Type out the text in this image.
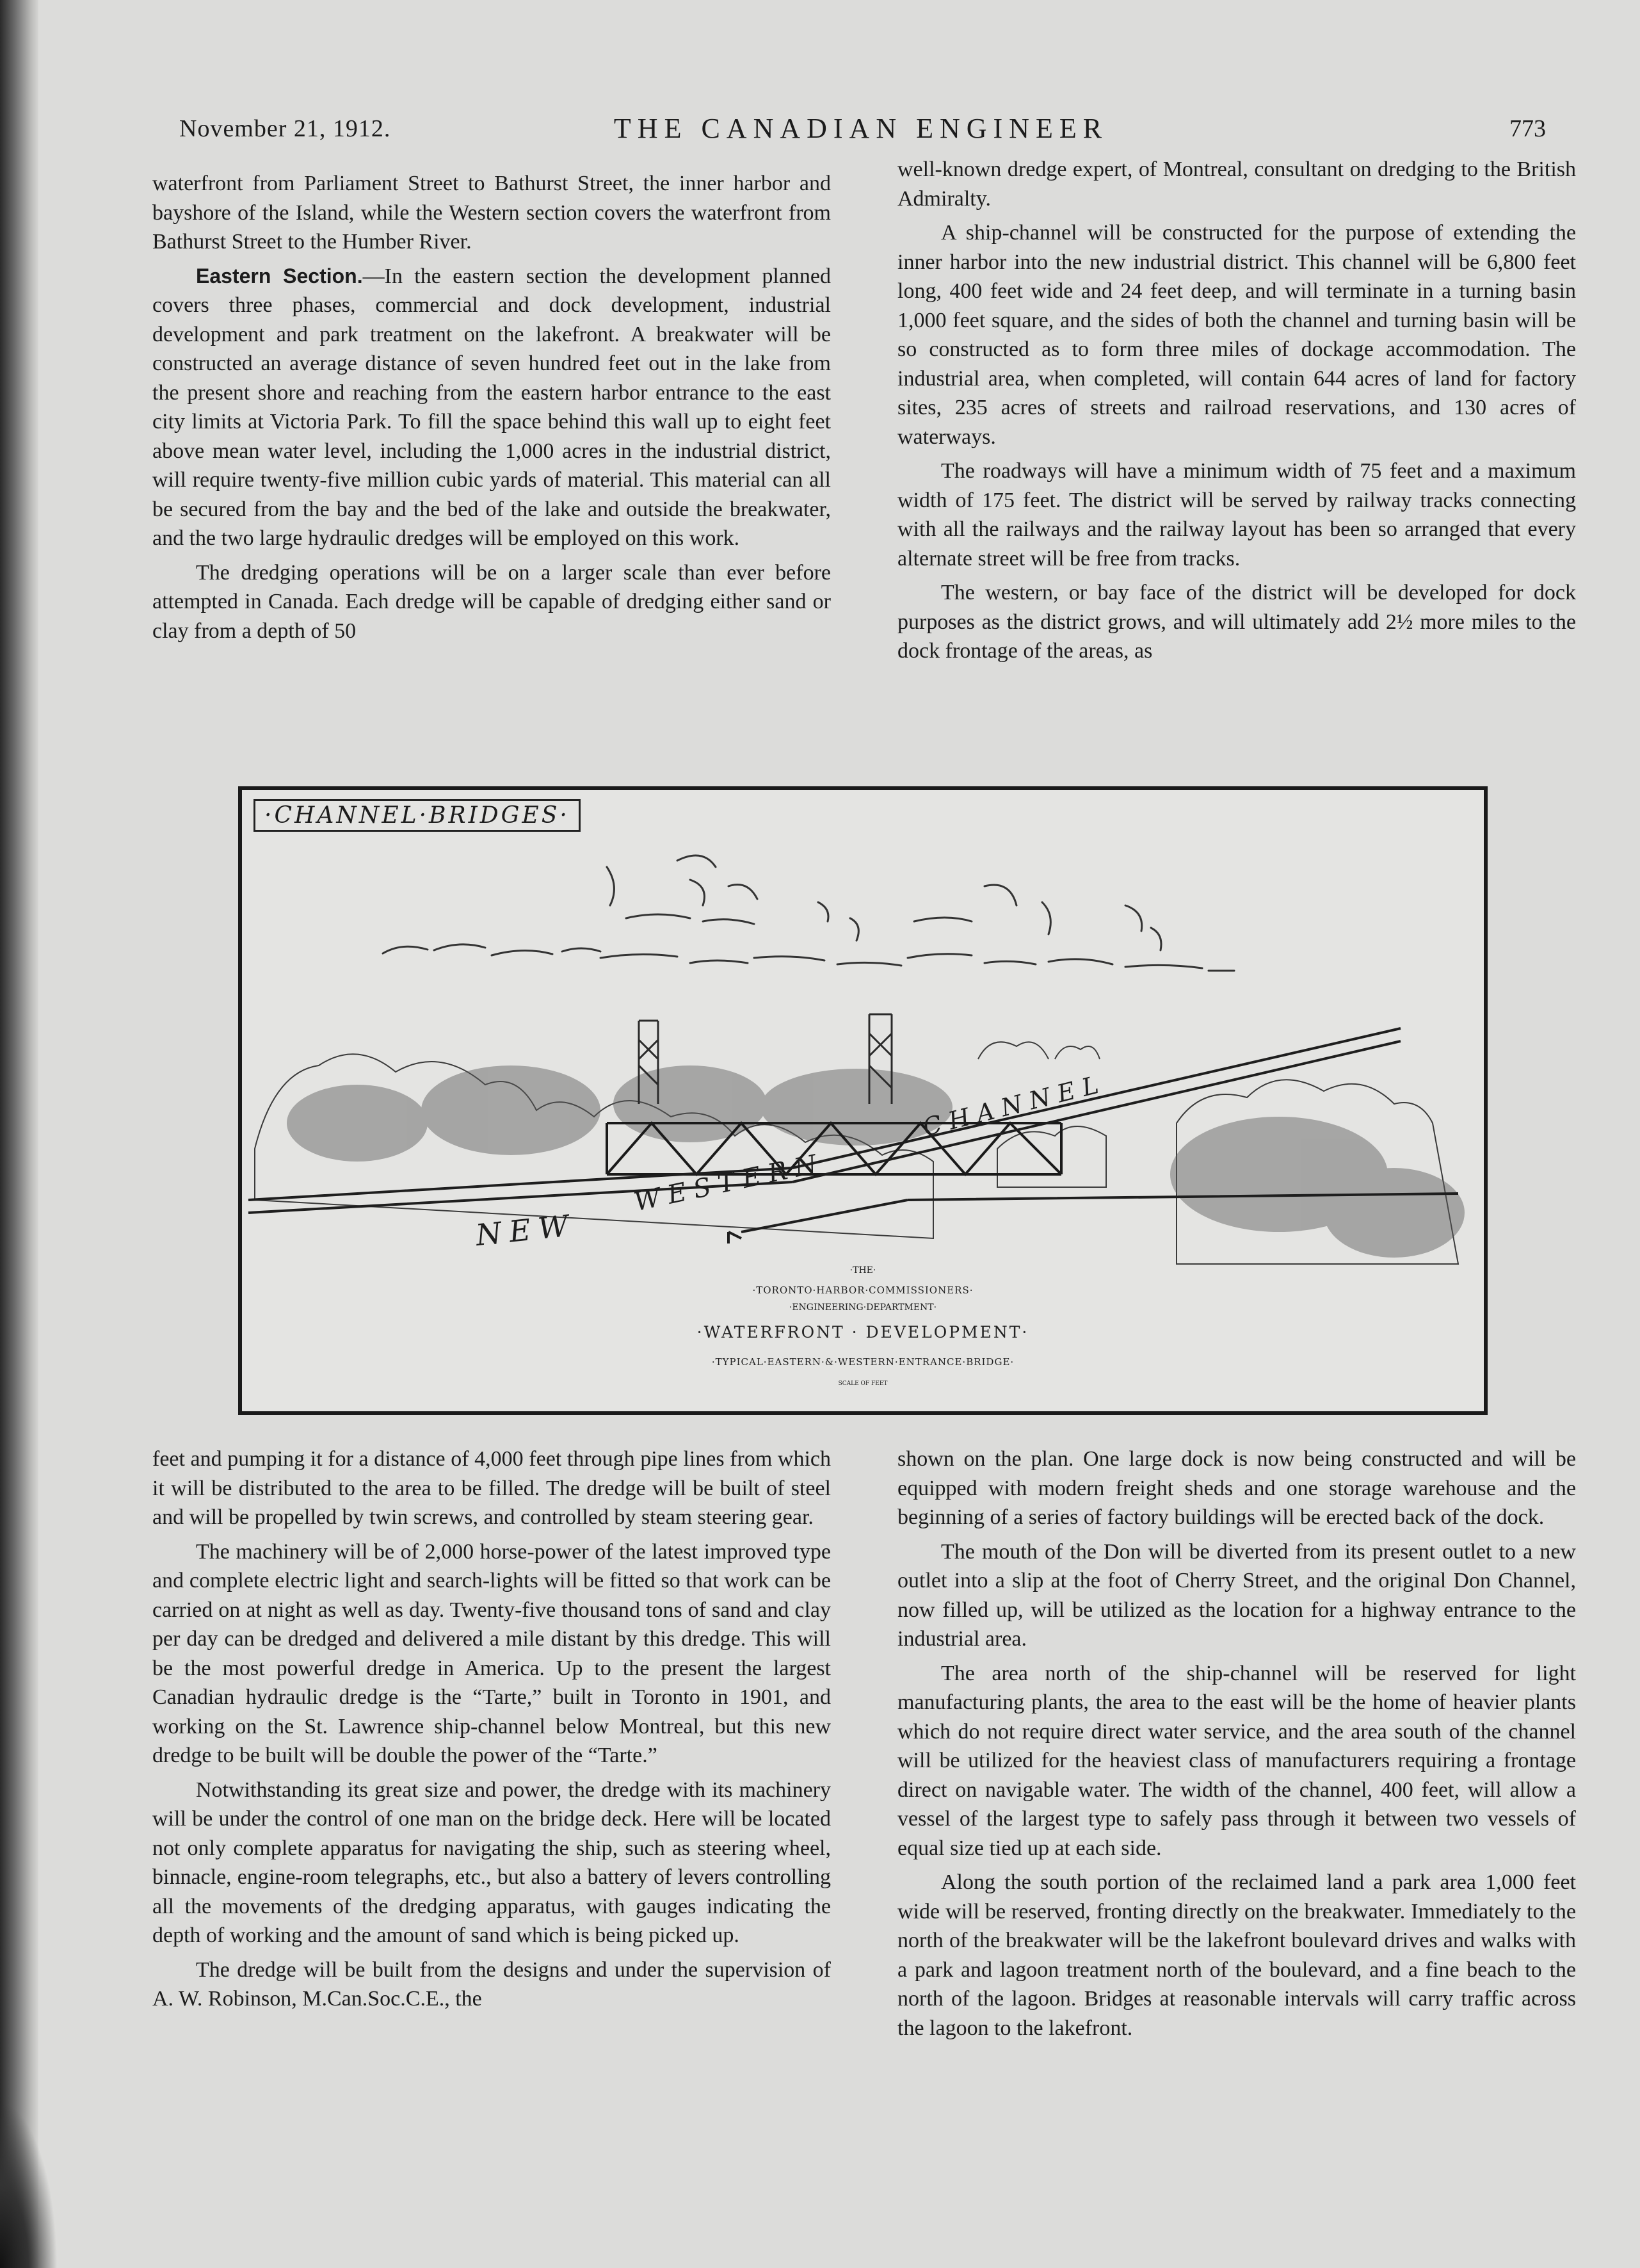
November 21, 1912.	THE CANADIAN ENGINEER	773

waterfront from Parliament Street to Bathurst Street, the inner harbor and bayshore of the Island, while the Western section covers the waterfront from Bathurst Street to the Humber River.

Eastern Section.—In the eastern section the development planned covers three phases, commercial and dock development, industrial development and park treatment on the lakefront. A breakwater will be constructed an average distance of seven hundred feet out in the lake from the present shore and reaching from the eastern harbor entrance to the east city limits at Victoria Park. To fill the space behind this wall up to eight feet above mean water level, including the 1,000 acres in the industrial district, will require twenty-five million cubic yards of material. This material can all be secured from the bay and the bed of the lake and outside the breakwater, and the two large hydraulic dredges will be employed on this work.

The dredging operations will be on a larger scale than ever before attempted in Canada. Each dredge will be capable of dredging either sand or clay from a depth of 50

well-known dredge expert, of Montreal, consultant on dredging to the British Admiralty.

A ship-channel will be constructed for the purpose of extending the inner harbor into the new industrial district. This channel will be 6,800 feet long, 400 feet wide and 24 feet deep, and will terminate in a turning basin 1,000 feet square, and the sides of both the channel and turning basin will be so constructed as to form three miles of dockage accommodation. The industrial area, when completed, will contain 644 acres of land for factory sites, 235 acres of streets and railroad reservations, and 130 acres of waterways.

The roadways will have a minimum width of 75 feet and a maximum width of 175 feet. The district will be served by railway tracks connecting with all the railways and the railway layout has been so arranged that every alternate street will be free from tracks.

The western, or bay face of the district will be developed for dock purposes as the district grows, and will ultimately add 2½ more miles to the dock frontage of the areas, as

·CHANNEL·BRIDGES·
NEW
WESTERN
CHANNEL
·THE·
·TORONTO·HARBOR·COMMISSIONERS·
·ENGINEERING·DEPARTMENT·
·WATERFRONT · DEVELOPMENT·
·TYPICAL·EASTERN·&·WESTERN·ENTRANCE·BRIDGE·
SCALE OF FEET

feet and pumping it for a distance of 4,000 feet through pipe lines from which it will be distributed to the area to be filled. The dredge will be built of steel and will be propelled by twin screws, and controlled by steam steering gear.

The machinery will be of 2,000 horse-power of the latest improved type and complete electric light and search-lights will be fitted so that work can be carried on at night as well as day. Twenty-five thousand tons of sand and clay per day can be dredged and delivered a mile distant by this dredge. This will be the most powerful dredge in America. Up to the present the largest Canadian hydraulic dredge is the “Tarte,” built in Toronto in 1901, and working on the St. Lawrence ship-channel below Montreal, but this new dredge to be built will be double the power of the “Tarte.”

Notwithstanding its great size and power, the dredge with its machinery will be under the control of one man on the bridge deck. Here will be located not only complete apparatus for navigating the ship, such as steering wheel, binnacle, engine-room telegraphs, etc., but also a battery of levers controlling all the movements of the dredging apparatus, with gauges indicating the depth of working and the amount of sand which is being picked up.

The dredge will be built from the designs and under the supervision of A. W. Robinson, M.Can.Soc.C.E., the

shown on the plan. One large dock is now being constructed and will be equipped with modern freight sheds and one storage warehouse and the beginning of a series of factory buildings will be erected back of the dock.

The mouth of the Don will be diverted from its present outlet to a new outlet into a slip at the foot of Cherry Street, and the original Don Channel, now filled up, will be utilized as the location for a highway entrance to the industrial area.

The area north of the ship-channel will be reserved for light manufacturing plants, the area to the east will be the home of heavier plants which do not require direct water service, and the area south of the channel will be utilized for the heaviest class of manufacturers requiring a frontage direct on navigable water. The width of the channel, 400 feet, will allow a vessel of the largest type to safely pass through it between two vessels of equal size tied up at each side.

Along the south portion of the reclaimed land a park area 1,000 feet wide will be reserved, fronting directly on the breakwater. Immediately to the north of the breakwater will be the lakefront boulevard drives and walks with a park and lagoon treatment north of the boulevard, and a fine beach to the north of the lagoon. Bridges at reasonable intervals will carry traffic across the lagoon to the lakefront.
